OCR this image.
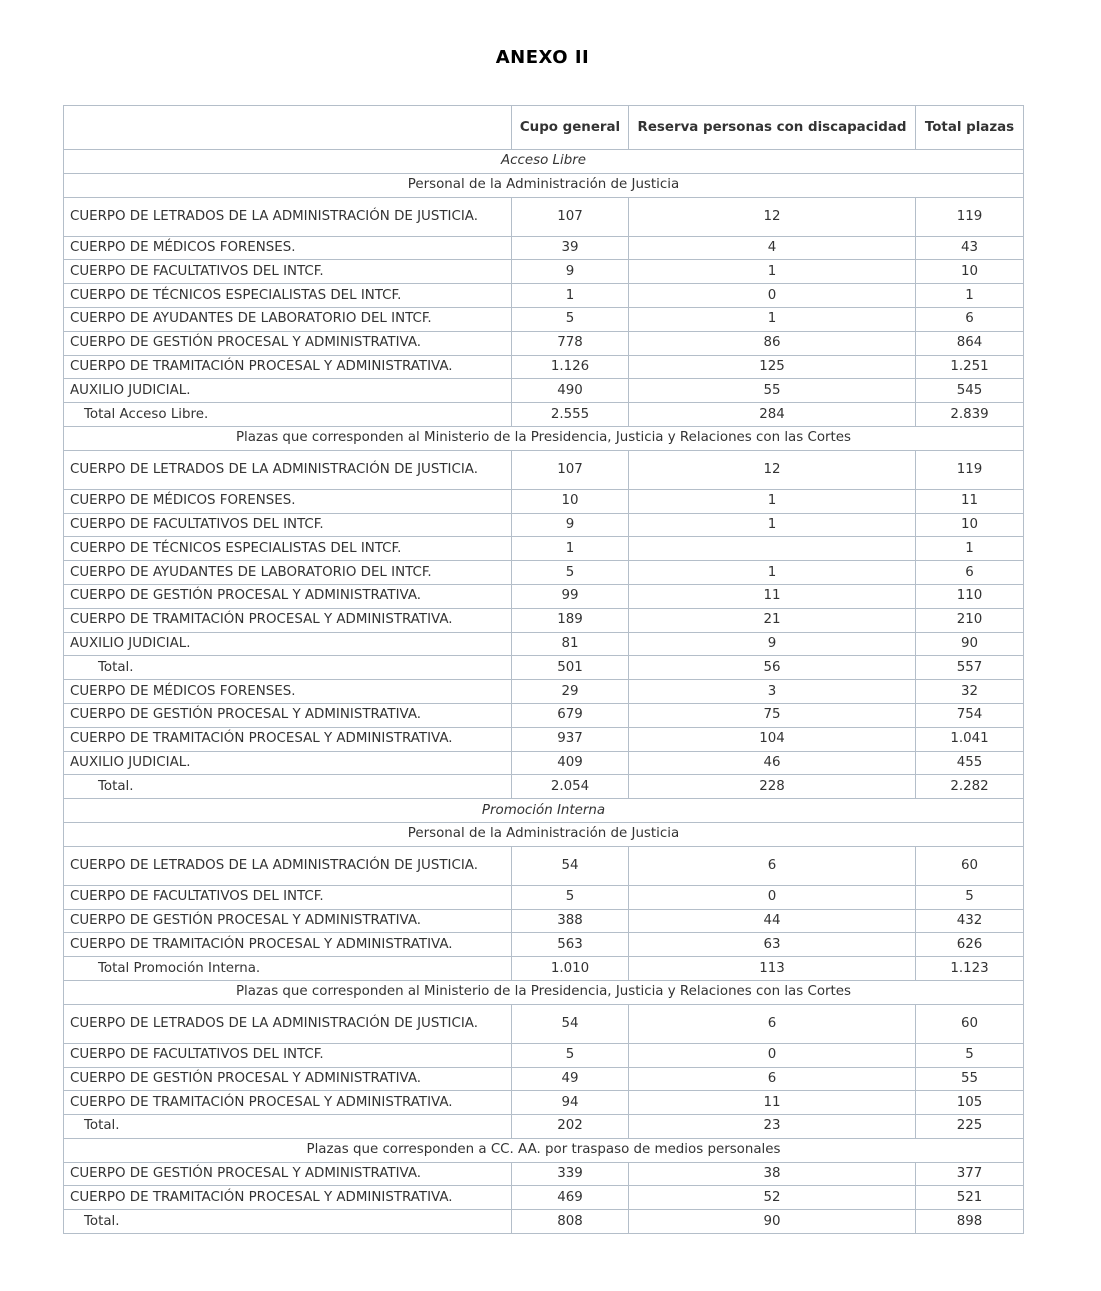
ANEXO II
	Cupo general	Reserva personas con discapacidad	Total plazas
Acceso Libre			
Personal de la Administración de Justicia			
CUERPO DE LETRADOS DE LA ADMINISTRACIÓN DE JUSTICIA.	107	12	119
CUERPO DE MÉDICOS FORENSES.	39	4	43
CUERPO DE FACULTATIVOS DEL INTCF.	9	1	10
CUERPO DE TÉCNICOS ESPECIALISTAS DEL INTCF.	1	0	1
CUERPO DE AYUDANTES DE LABORATORIO DEL INTCF.	5	1	6
CUERPO DE GESTIÓN PROCESAL Y ADMINISTRATIVA.	778	86	864
CUERPO DE TRAMITACIÓN PROCESAL Y ADMINISTRATIVA.	1.126	125	1.251
AUXILIO JUDICIAL.	490	55	545
Total Acceso Libre.	2.555	284	2.839
Plazas que corresponden al Ministerio de la Presidencia, Justicia y Relaciones con las Cortes			
CUERPO DE LETRADOS DE LA ADMINISTRACIÓN DE JUSTICIA.	107	12	119
CUERPO DE MÉDICOS FORENSES.	10	1	11
CUERPO DE FACULTATIVOS DEL INTCF.	9	1	10
CUERPO DE TÉCNICOS ESPECIALISTAS DEL INTCF.	1		1
CUERPO DE AYUDANTES DE LABORATORIO DEL INTCF.	5	1	6
CUERPO DE GESTIÓN PROCESAL Y ADMINISTRATIVA.	99	11	110
CUERPO DE TRAMITACIÓN PROCESAL Y ADMINISTRATIVA.	189	21	210
AUXILIO JUDICIAL.	81	9	90
Total.	501	56	557
CUERPO DE MÉDICOS FORENSES.	29	3	32
CUERPO DE GESTIÓN PROCESAL Y ADMINISTRATIVA.	679	75	754
CUERPO DE TRAMITACIÓN PROCESAL Y ADMINISTRATIVA.	937	104	1.041
AUXILIO JUDICIAL.	409	46	455
Total.	2.054	228	2.282
Promoción Interna			
Personal de la Administración de Justicia			
CUERPO DE LETRADOS DE LA ADMINISTRACIÓN DE JUSTICIA.	54	6	60
CUERPO DE FACULTATIVOS DEL INTCF.	5	0	5
CUERPO DE GESTIÓN PROCESAL Y ADMINISTRATIVA.	388	44	432
CUERPO DE TRAMITACIÓN PROCESAL Y ADMINISTRATIVA.	563	63	626
Total Promoción Interna.	1.010	113	1.123
Plazas que corresponden al Ministerio de la Presidencia, Justicia y Relaciones con las Cortes			
CUERPO DE LETRADOS DE LA ADMINISTRACIÓN DE JUSTICIA.	54	6	60
CUERPO DE FACULTATIVOS DEL INTCF.	5	0	5
CUERPO DE GESTIÓN PROCESAL Y ADMINISTRATIVA.	49	6	55
CUERPO DE TRAMITACIÓN PROCESAL Y ADMINISTRATIVA.	94	11	105
Total.	202	23	225
Plazas que corresponden a CC. AA. por traspaso de medios personales			
CUERPO DE GESTIÓN PROCESAL Y ADMINISTRATIVA.	339	38	377
CUERPO DE TRAMITACIÓN PROCESAL Y ADMINISTRATIVA.	469	52	521
Total.	808	90	898
